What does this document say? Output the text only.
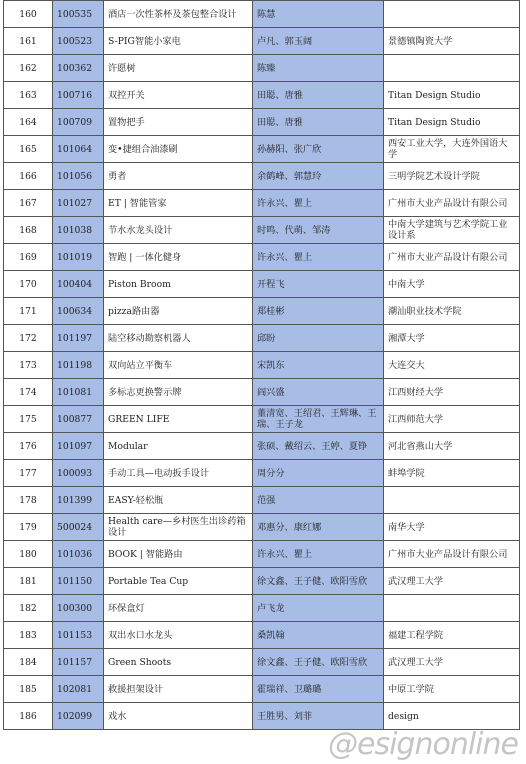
160	100535	酒店一次性茶杯及茶包整合设计	陈慧	
161	100523	S-PIG智能小家电	卢凡、郭玉阔	景德镇陶瓷大学
162	100362	许愿树	陈臻	
163	100716	双控开关	田聪、唐雅	Titan Design Studio
164	100709	置物把手	田聪、唐雅	Titan Design Studio
165	101064	变•捷组合油漆刷	孙赫阳、张广欣	西安工业大学，大连外国语大学
166	101056	勇者	余鹤峰、郭慧玲	三明学院艺术设计学院
167	101027	ET | 智能管家	许永兴、瞿上	广州市大业产品设计有限公司
168	101038	节水水龙头设计	时鸣、代萌、邹涛	中南大学建筑与艺术学院工业设计系
169	101019	智跑 | 一体化健身	许永兴、瞿上	广州市大业产品设计有限公司
170	100404	Piston Broom	开程飞	中南大学
171	100634	pizza路由器	郑桂彬	潮汕职业技术学院
172	101197	陆空移动勘察机器人	邱盼	湘潭大学
173	101198	双向站立平衡车	宋凯东	大连交大
174	101081	多标志更换警示牌	阎兴盛	江西财经大学
175	100877	GREEN LIFE	董清宽、王绍君、王辉琳、王瑞、王子龙	江西师范大学
176	101097	Modular	张硕、戴绍云、王婷、夏铮	河北省燕山大学
177	100093	手动工具—电动扳手设计	周分分	蚌埠学院
178	101399	EASY-轻松瓶	范强	
179	500024	Health care—乡村医生出诊药箱设计	邓惠分、康红娜	南华大学
180	101036	BOOK | 智能路由	许永兴、瞿上	广州市大业产品设计有限公司
181	101150	Portable Tea Cup	徐文鑫、王子健、欧阳雪欣	武汉理工大学
182	100300	环保盒灯	卢飞龙	
183	101153	双出水口水龙头	桑凯翰	福建工程学院
184	101157	Green Shoots	徐文鑫、王子健、欧阳雪欣	武汉理工大学
185	102081	救援担架设计	霍瑞祥、卫璐璐	中原工学院
186	102099	戏水	王胜男、刘菲	design
@esignonline
